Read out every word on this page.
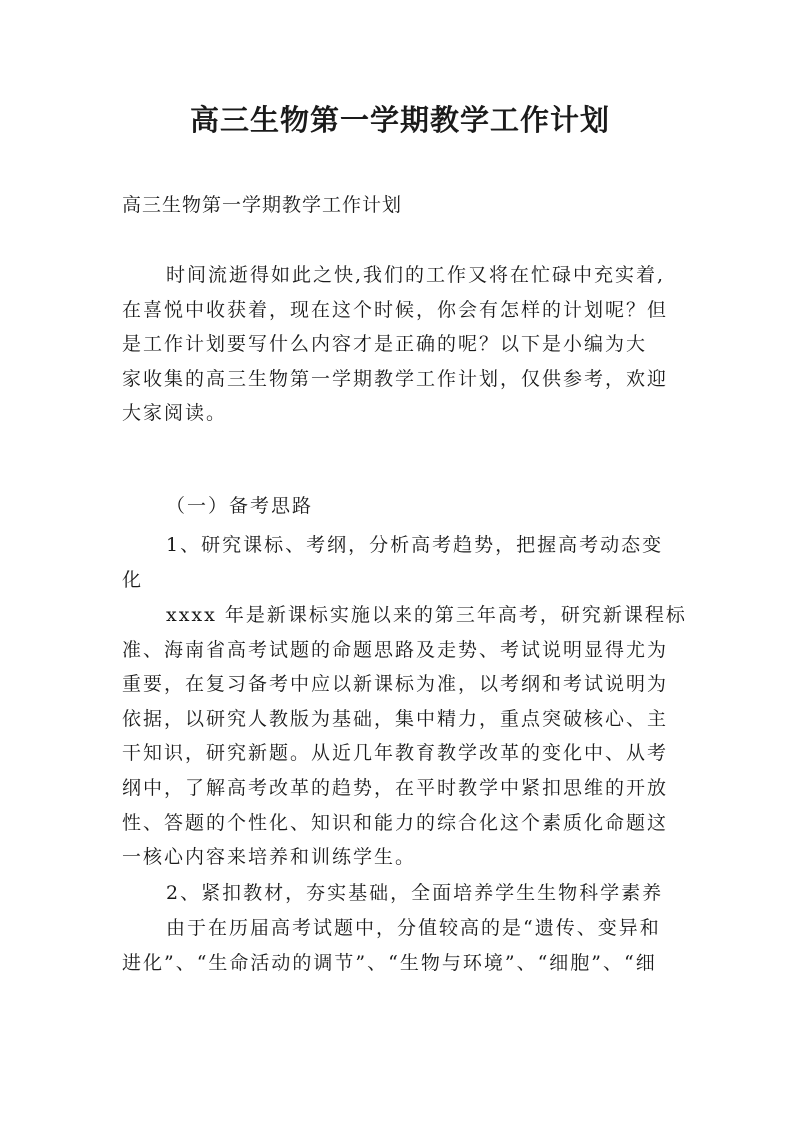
高三生物第一学期教学工作计划
高三生物第一学期教学工作计划
时间流逝得如此之快,我们的工作又将在忙碌中充实着,
在喜悦中收获着，现在这个时候，你会有怎样的计划呢？但
是工作计划要写什么内容才是正确的呢？以下是小编为大
家收集的高三生物第一学期教学工作计划，仅供参考，欢迎
大家阅读。
（一）备考思路
1、研究课标、考纲，分析高考趋势，把握高考动态变
化
xxxx 年是新课标实施以来的第三年高考，研究新课程标
准、海南省高考试题的命题思路及走势、考试说明显得尤为
重要，在复习备考中应以新课标为准，以考纲和考试说明为
依据，以研究人教版为基础，集中精力，重点突破核心、主
干知识，研究新题。从近几年教育教学改革的变化中、从考
纲中，了解高考改革的趋势，在平时教学中紧扣思维的开放
性、答题的个性化、知识和能力的综合化这个素质化命题这
一核心内容来培养和训练学生。
2、紧扣教材，夯实基础，全面培养学生生物科学素养
由于在历届高考试题中，分值较高的是“遗传、变异和
进化”、“生命活动的调节”、“生物与环境”、“细胞”、“细
